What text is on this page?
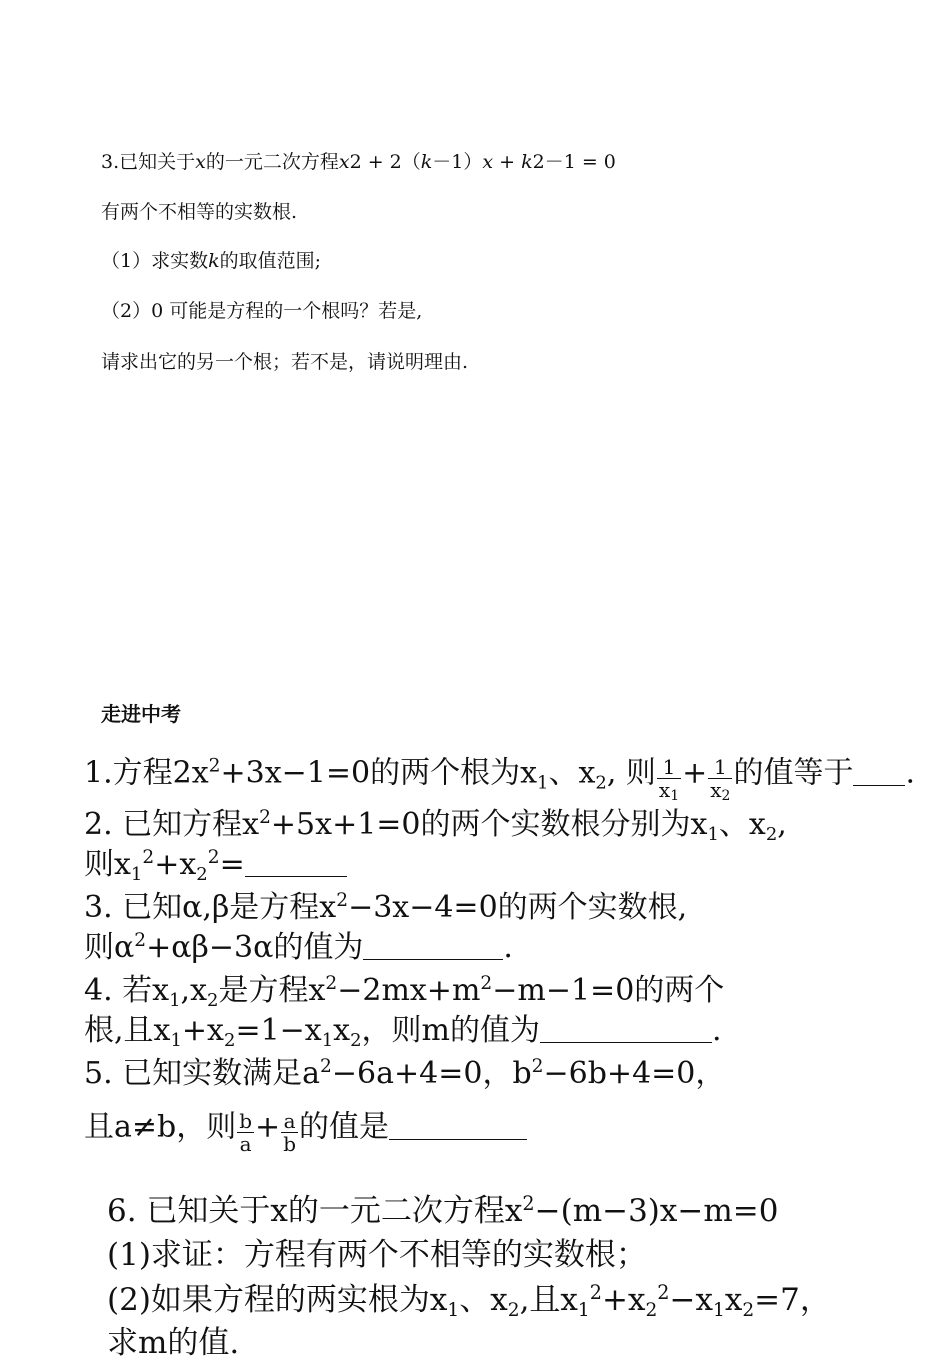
3.已知关于x的一元二次方程x2 + 2（k－1）x + k2－1 = 0
有两个不相等的实数根.
（1）求实数k的取值范围;
（2）0 可能是方程的一个根吗？若是,
请求出它的另一个根；若不是，请说明理由.
走进中考
1.方程$2x^2+3x-1=0$的两个根为$x_1$、$x_2$, 则 $\frac{1}{x_1} + \frac{1}{x_2}$ 的值等于 .
2. 已知方程$x^2+5x+1=0$的两个实数根分别为$x_1$、$x_2$,
则$x_1^2+x_2^2=$
3. 已知α,β是方程$x^2-3x-4=0$的两个实数根,
则$\alpha^2+\alpha\beta-3\alpha$的值为	.
4. 若$x_1,x_2$是方程$x^2-2mx+m^2-m-1=0$的两个
根,且$x_1+x_2=1-x_1x_2$，则m的值为	.
5. 已知实数满足$a^2-6a+4=0$，$b^2-6b+4=0$，
且a≠b，则 $\frac{b}{a} + \frac{a}{b}$ 的值是
6. 已知关于x的一元二次方程$x^2-(m-3)x-m=0$
(1)求证：方程有两个不相等的实数根；
(2)如果方程的两实根为$x_1$、$x_2$,且$x_1^2+x_2^2-x_1x_2=7$，
求m的值.
